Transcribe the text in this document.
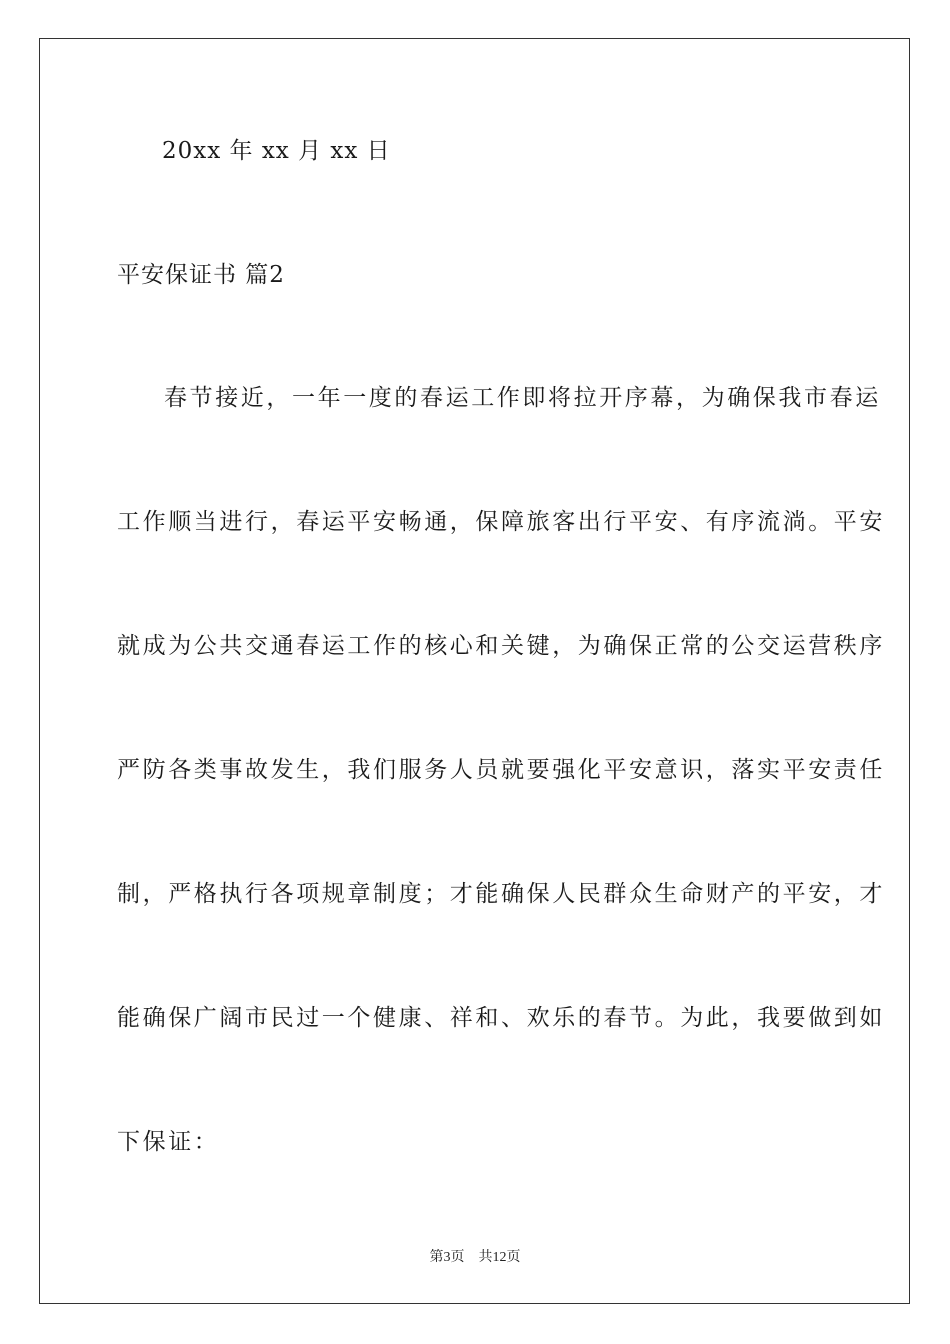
20xx 年 xx 月 xx 日
平安保证书 篇2
春节接近，一年一度的春运工作即将拉开序幕，为确保我市春运
工作顺当进行，春运平安畅通，保障旅客出行平安、有序流淌。平安
就成为公共交通春运工作的核心和关键，为确保正常的公交运营秩序
严防各类事故发生，我们服务人员就要强化平安意识，落实平安责任
制，严格执行各项规章制度；才能确保人民群众生命财产的平安，才
能确保广阔市民过一个健康、祥和、欢乐的春节。为此，我要做到如
下保证：
第3页 共12页
